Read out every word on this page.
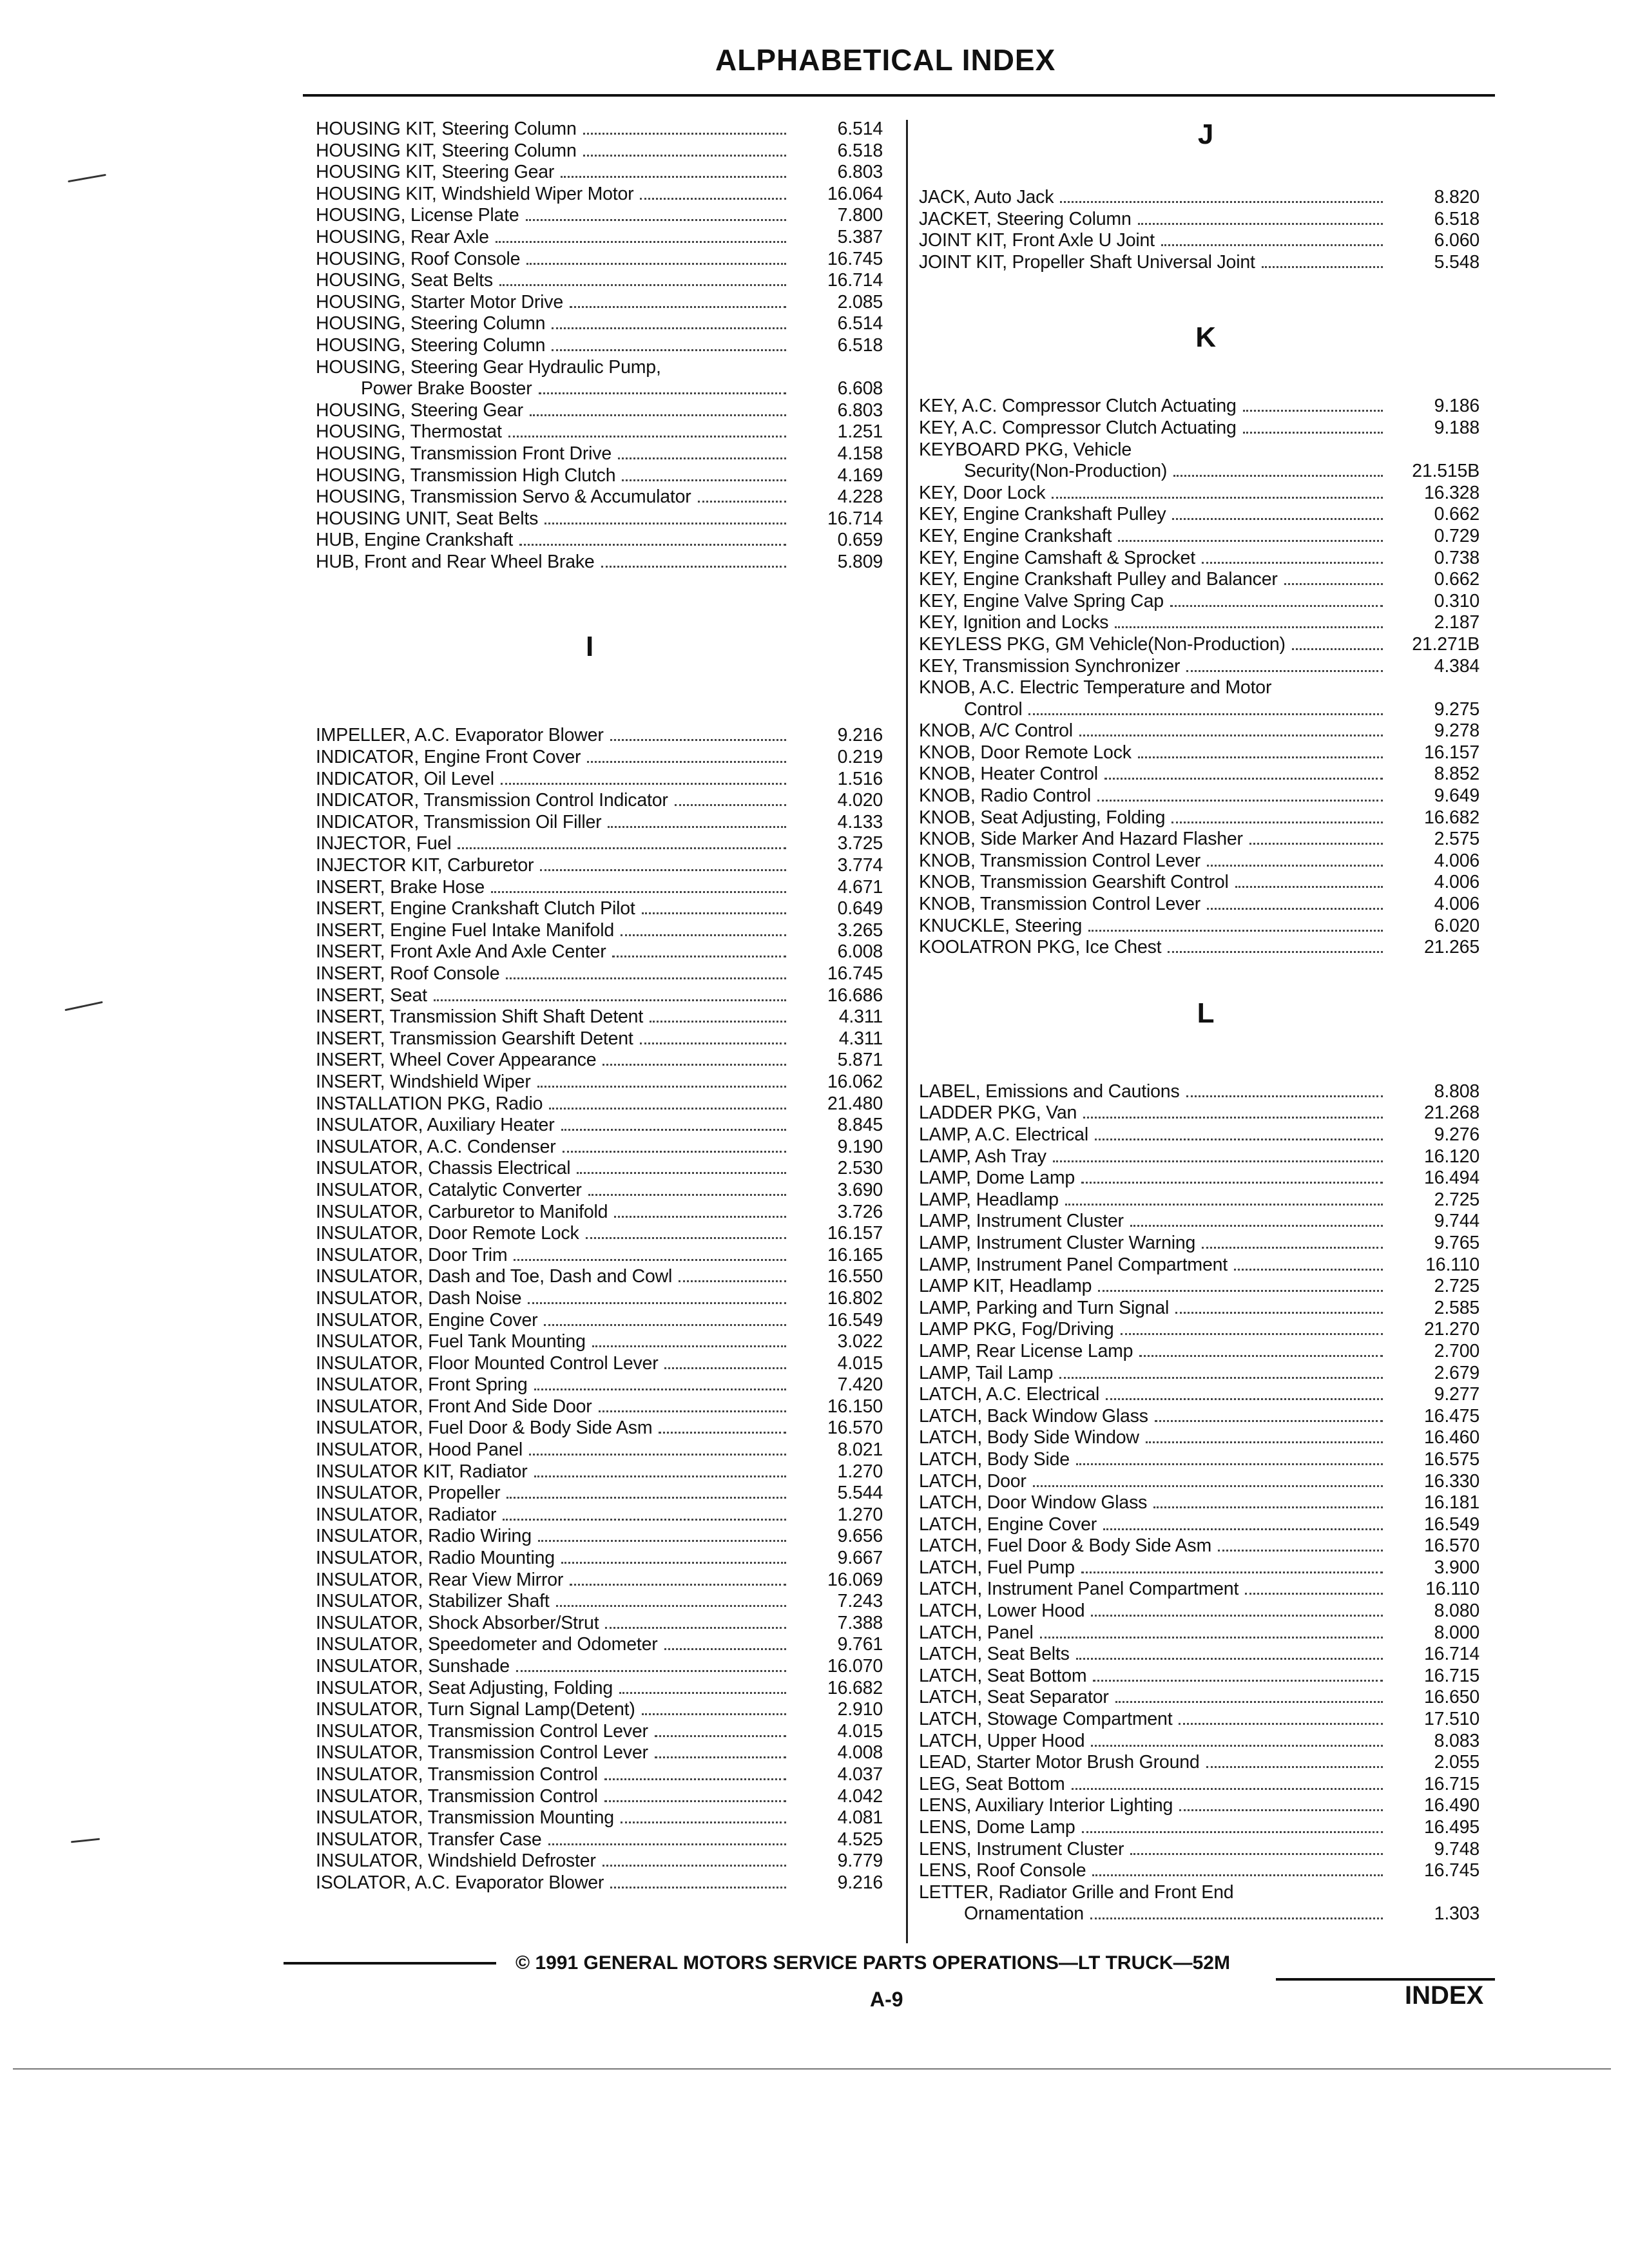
ALPHABETICAL INDEX
HOUSING KIT, Steering Column	6.514
HOUSING KIT, Steering Column	6.518
HOUSING KIT, Steering Gear	6.803
HOUSING KIT, Windshield Wiper Motor	16.064
HOUSING, License Plate	7.800
HOUSING, Rear Axle	5.387
HOUSING, Roof Console	16.745
HOUSING, Seat Belts	16.714
HOUSING, Starter Motor Drive	2.085
HOUSING, Steering Column	6.514
HOUSING, Steering Column	6.518
HOUSING, Steering Gear Hydraulic Pump,
Power Brake Booster	6.608
HOUSING, Steering Gear	6.803
HOUSING, Thermostat	1.251
HOUSING, Transmission Front Drive	4.158
HOUSING, Transmission High Clutch	4.169
HOUSING, Transmission Servo & Accumulator	4.228
HOUSING UNIT, Seat Belts	16.714
HUB, Engine Crankshaft	0.659
HUB, Front and Rear Wheel Brake	5.809
I
IMPELLER, A.C. Evaporator Blower	9.216
INDICATOR, Engine Front Cover	0.219
INDICATOR, Oil Level	1.516
INDICATOR, Transmission Control Indicator	4.020
INDICATOR, Transmission Oil Filler	4.133
INJECTOR, Fuel	3.725
INJECTOR KIT, Carburetor	3.774
INSERT, Brake Hose	4.671
INSERT, Engine Crankshaft Clutch Pilot	0.649
INSERT, Engine Fuel Intake Manifold	3.265
INSERT, Front Axle And Axle Center	6.008
INSERT, Roof Console	16.745
INSERT, Seat	16.686
INSERT, Transmission Shift Shaft Detent	4.311
INSERT, Transmission Gearshift Detent	4.311
INSERT, Wheel Cover Appearance	5.871
INSERT, Windshield Wiper	16.062
INSTALLATION PKG, Radio	21.480
INSULATOR, Auxiliary Heater	8.845
INSULATOR, A.C. Condenser	9.190
INSULATOR, Chassis Electrical	2.530
INSULATOR, Catalytic Converter	3.690
INSULATOR, Carburetor to Manifold	3.726
INSULATOR, Door Remote Lock	16.157
INSULATOR, Door Trim	16.165
INSULATOR, Dash and Toe, Dash and Cowl	16.550
INSULATOR, Dash Noise	16.802
INSULATOR, Engine Cover	16.549
INSULATOR, Fuel Tank Mounting	3.022
INSULATOR, Floor Mounted Control Lever	4.015
INSULATOR, Front Spring	7.420
INSULATOR, Front And Side Door	16.150
INSULATOR, Fuel Door & Body Side Asm	16.570
INSULATOR, Hood Panel	8.021
INSULATOR KIT, Radiator	1.270
INSULATOR, Propeller	5.544
INSULATOR, Radiator	1.270
INSULATOR, Radio Wiring	9.656
INSULATOR, Radio Mounting	9.667
INSULATOR, Rear View Mirror	16.069
INSULATOR, Stabilizer Shaft	7.243
INSULATOR, Shock Absorber/Strut	7.388
INSULATOR, Speedometer and Odometer	9.761
INSULATOR, Sunshade	16.070
INSULATOR, Seat Adjusting, Folding	16.682
INSULATOR, Turn Signal Lamp(Detent)	2.910
INSULATOR, Transmission Control Lever	4.015
INSULATOR, Transmission Control Lever	4.008
INSULATOR, Transmission Control	4.037
INSULATOR, Transmission Control	4.042
INSULATOR, Transmission Mounting	4.081
INSULATOR, Transfer Case	4.525
INSULATOR, Windshield Defroster	9.779
ISOLATOR, A.C. Evaporator Blower	9.216
J
JACK, Auto Jack	8.820
JACKET, Steering Column	6.518
JOINT KIT, Front Axle U Joint	6.060
JOINT KIT, Propeller Shaft Universal Joint	5.548
K
KEY, A.C. Compressor Clutch Actuating	9.186
KEY, A.C. Compressor Clutch Actuating	9.188
KEYBOARD PKG, Vehicle
Security(Non-Production)	21.515B
KEY, Door Lock	16.328
KEY, Engine Crankshaft Pulley	0.662
KEY, Engine Crankshaft	0.729
KEY, Engine Camshaft & Sprocket	0.738
KEY, Engine Crankshaft Pulley and Balancer	0.662
KEY, Engine Valve Spring Cap	0.310
KEY, Ignition and Locks	2.187
KEYLESS PKG, GM Vehicle(Non-Production)	21.271B
KEY, Transmission Synchronizer	4.384
KNOB, A.C. Electric Temperature and Motor
Control	9.275
KNOB, A/C Control	9.278
KNOB, Door Remote Lock	16.157
KNOB, Heater Control	8.852
KNOB, Radio Control	9.649
KNOB, Seat Adjusting, Folding	16.682
KNOB, Side Marker And Hazard Flasher	2.575
KNOB, Transmission Control Lever	4.006
KNOB, Transmission Gearshift Control	4.006
KNOB, Transmission Control Lever	4.006
KNUCKLE, Steering	6.020
KOOLATRON PKG, Ice Chest	21.265
L
LABEL, Emissions and Cautions	8.808
LADDER PKG, Van	21.268
LAMP, A.C. Electrical	9.276
LAMP, Ash Tray	16.120
LAMP, Dome Lamp	16.494
LAMP, Headlamp	2.725
LAMP, Instrument Cluster	9.744
LAMP, Instrument Cluster Warning	9.765
LAMP, Instrument Panel Compartment	16.110
LAMP KIT, Headlamp	2.725
LAMP, Parking and Turn Signal	2.585
LAMP PKG, Fog/Driving	21.270
LAMP, Rear License Lamp	2.700
LAMP, Tail Lamp	2.679
LATCH, A.C. Electrical	9.277
LATCH, Back Window Glass	16.475
LATCH, Body Side Window	16.460
LATCH, Body Side	16.575
LATCH, Door	16.330
LATCH, Door Window Glass	16.181
LATCH, Engine Cover	16.549
LATCH, Fuel Door & Body Side Asm	16.570
LATCH, Fuel Pump	3.900
LATCH, Instrument Panel Compartment	16.110
LATCH, Lower Hood	8.080
LATCH, Panel	8.000
LATCH, Seat Belts	16.714
LATCH, Seat Bottom	16.715
LATCH, Seat Separator	16.650
LATCH, Stowage Compartment	17.510
LATCH, Upper Hood	8.083
LEAD, Starter Motor Brush Ground	2.055
LEG, Seat Bottom	16.715
LENS, Auxiliary Interior Lighting	16.490
LENS, Dome Lamp	16.495
LENS, Instrument Cluster	9.748
LENS, Roof Console	16.745
LETTER, Radiator Grille and Front End
Ornamentation	1.303
© 1991 GENERAL MOTORS SERVICE PARTS OPERATIONS—LT TRUCK—52M
A-9	INDEX
